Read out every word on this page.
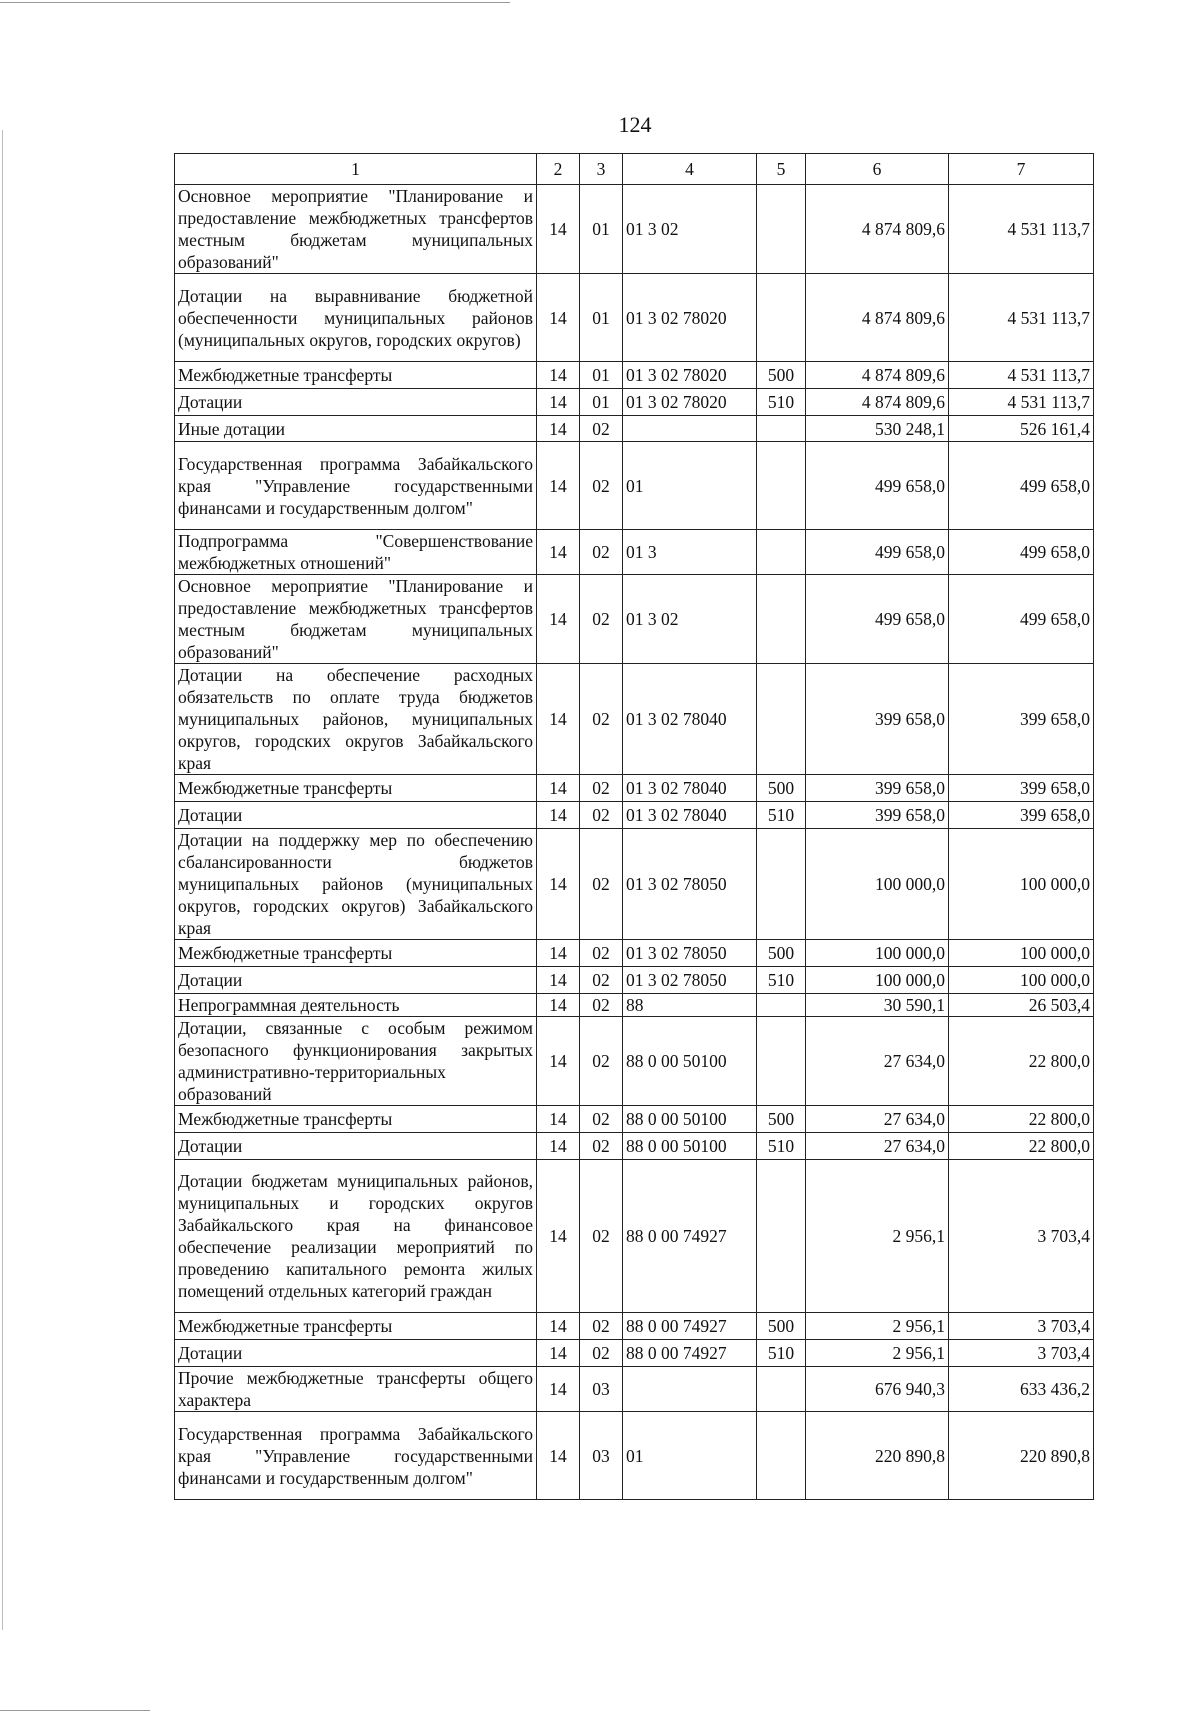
124
1	2	3	4	5	6	7
Основное мероприятие "Планирование и предоставление межбюджетных трансфертов местным бюджетам муниципальных образований"	14	01	01 3 02		4 874 809,6	4 531 113,7
Дотации на выравнивание бюджетной обеспеченности муниципальных районов (муниципальных округов, городских округов)	14	01	01 3 02 78020		4 874 809,6	4 531 113,7
Межбюджетные трансферты	14	01	01 3 02 78020	500	4 874 809,6	4 531 113,7
Дотации	14	01	01 3 02 78020	510	4 874 809,6	4 531 113,7
Иные дотации	14	02			530 248,1	526 161,4
Государственная программа Забайкальского края "Управление государственными финансами и государственным долгом"	14	02	01		499 658,0	499 658,0
Подпрограмма "Совершенствование межбюджетных отношений"	14	02	01 3		499 658,0	499 658,0
Основное мероприятие "Планирование и предоставление межбюджетных трансфертов местным бюджетам муниципальных образований"	14	02	01 3 02		499 658,0	499 658,0
Дотации на обеспечение расходных обязательств по оплате труда бюджетов муниципальных районов, муниципальных округов, городских округов Забайкальского края	14	02	01 3 02 78040		399 658,0	399 658,0
Межбюджетные трансферты	14	02	01 3 02 78040	500	399 658,0	399 658,0
Дотации	14	02	01 3 02 78040	510	399 658,0	399 658,0
Дотации на поддержку мер по обеспечению сбалансированности бюджетов муниципальных районов (муниципальных округов, городских округов) Забайкальского края	14	02	01 3 02 78050		100 000,0	100 000,0
Межбюджетные трансферты	14	02	01 3 02 78050	500	100 000,0	100 000,0
Дотации	14	02	01 3 02 78050	510	100 000,0	100 000,0
Непрограммная деятельность	14	02	88		30 590,1	26 503,4
Дотации, связанные с особым режимом безопасного функционирования закрытых административно-территориальных образований	14	02	88 0 00 50100		27 634,0	22 800,0
Межбюджетные трансферты	14	02	88 0 00 50100	500	27 634,0	22 800,0
Дотации	14	02	88 0 00 50100	510	27 634,0	22 800,0
Дотации бюджетам муниципальных районов, муниципальных и городских округов Забайкальского края на финансовое обеспечение реализации мероприятий по проведению капитального ремонта жилых помещений отдельных категорий граждан	14	02	88 0 00 74927		2 956,1	3 703,4
Межбюджетные трансферты	14	02	88 0 00 74927	500	2 956,1	3 703,4
Дотации	14	02	88 0 00 74927	510	2 956,1	3 703,4
Прочие межбюджетные трансферты общего характера	14	03			676 940,3	633 436,2
Государственная программа Забайкальского края "Управление государственными финансами и государственным долгом"	14	03	01		220 890,8	220 890,8
